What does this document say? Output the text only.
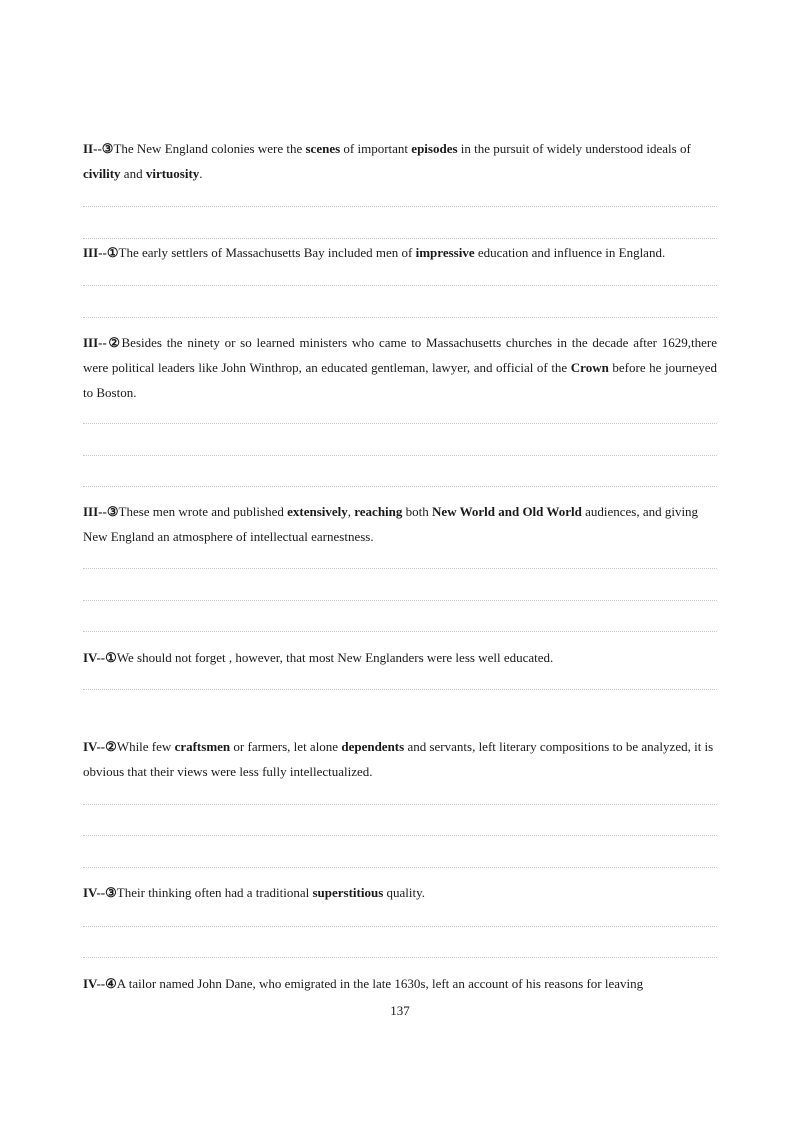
II--③The New England colonies were the scenes of important episodes in the pursuit of widely understood ideals of civility and virtuosity.
III--①The early settlers of Massachusetts Bay included men of impressive education and influence in England.
III--②Besides the ninety or so learned ministers who came to Massachusetts churches in the decade after 1629,there were political leaders like John Winthrop, an educated gentleman, lawyer, and official of the Crown before he journeyed to Boston.
III--③These men wrote and published extensively, reaching both New World and Old World audiences, and giving New England an atmosphere of intellectual earnestness.
IV--①We should not forget , however, that most New Englanders were less well educated.
IV--②While few craftsmen or farmers, let alone dependents and servants, left literary compositions to be analyzed, it is obvious that their views were less fully intellectualized.
IV--③Their thinking often had a traditional superstitious quality.
IV--④A tailor named John Dane, who emigrated in the late 1630s, left an account of his reasons for leaving
137
